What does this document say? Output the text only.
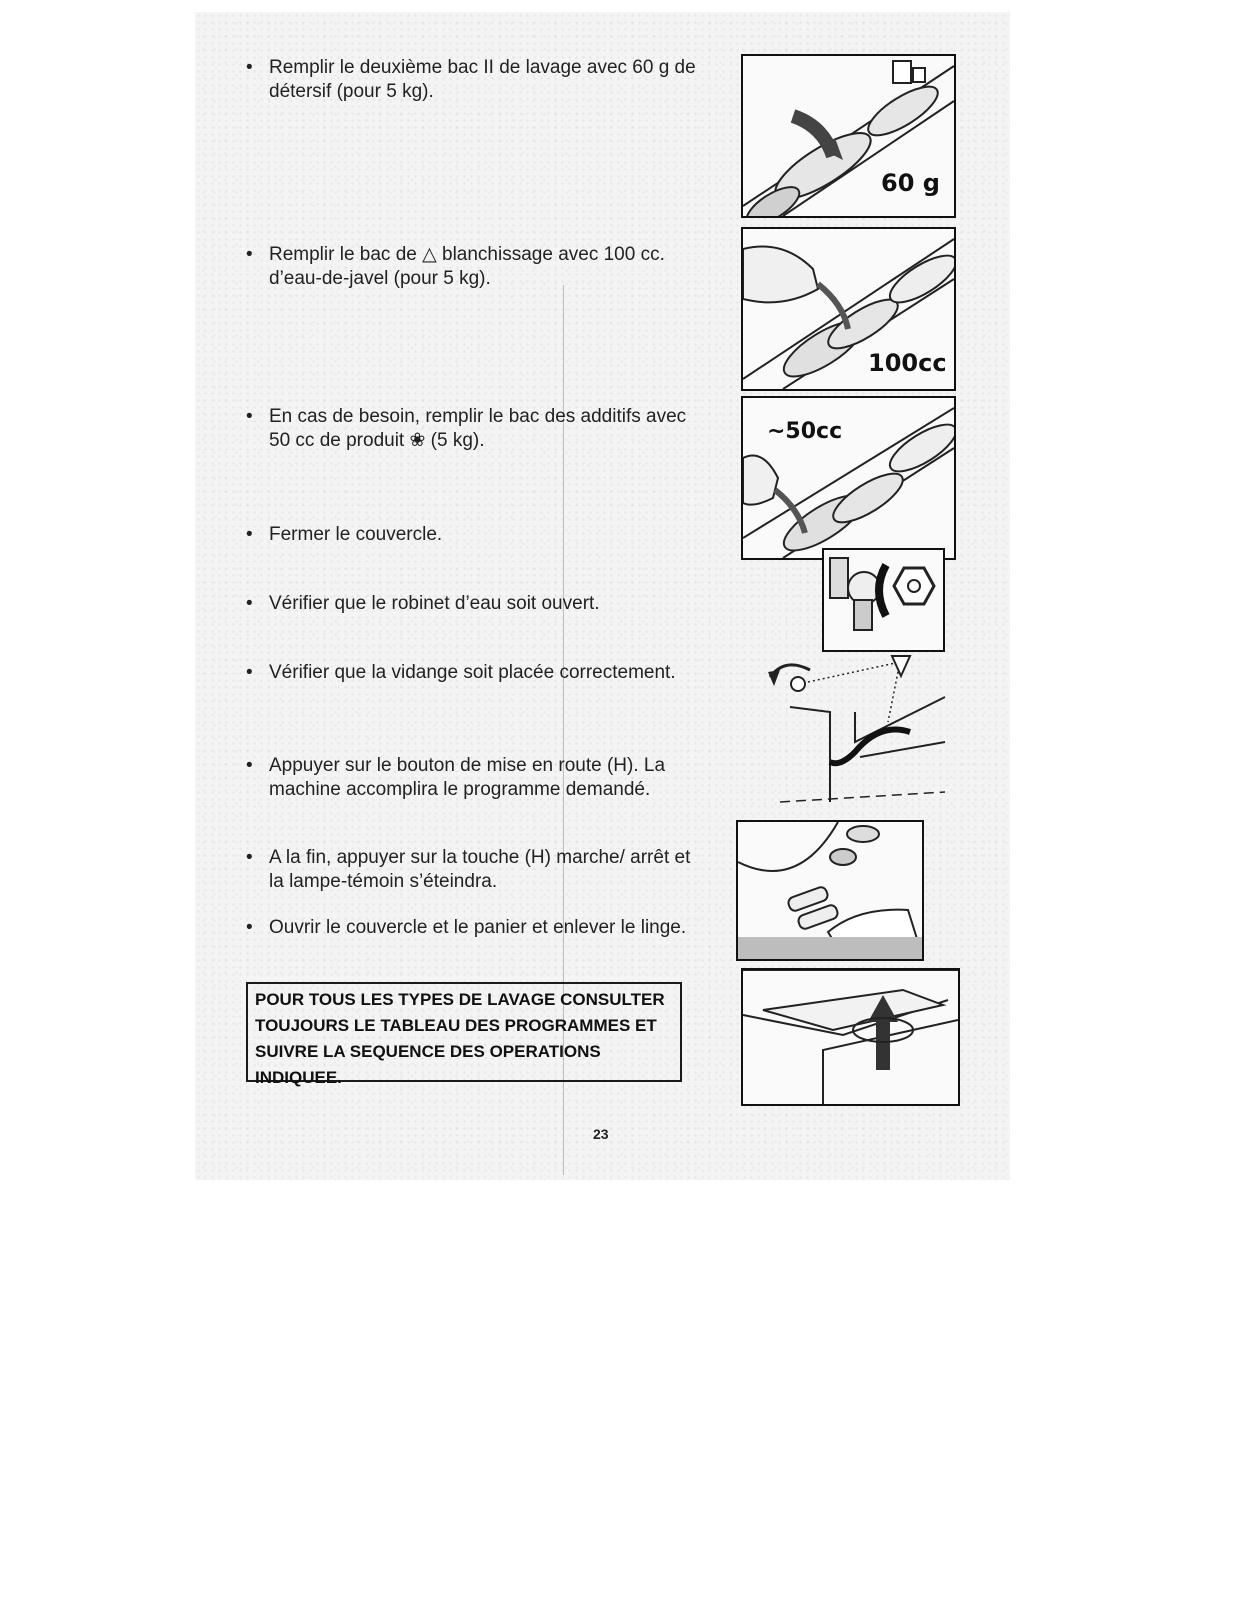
• Remplir le deuxième bac II de lavage avec 60 g de détersif (pour 5 kg).
• Remplir le bac de △ blanchissage avec 100 cc. d’eau-de-javel (pour 5 kg).
• En cas de besoin, remplir le bac des additifs avec 50 cc de produit ❀ (5 kg).
• Fermer le couvercle.
• Vérifier que le robinet d’eau soit ouvert.
• Vérifier que la vidange soit placée correctement.
• Appuyer sur le bouton de mise en route (H). La machine accomplira le programme demandé.
• A la fin, appuyer sur la touche (H) marche/ arrêt et la lampe-témoin s’éteindra.
• Ouvrir le couvercle et le panier et enlever le linge.
POUR TOUS LES TYPES DE LAVAGE CONSULTER TOUJOURS LE TABLEAU DES PROGRAMMES ET SUIVRE LA SEQUENCE DES OPERATIONS INDIQUEE.
23
60 g
100cc
~50cc
